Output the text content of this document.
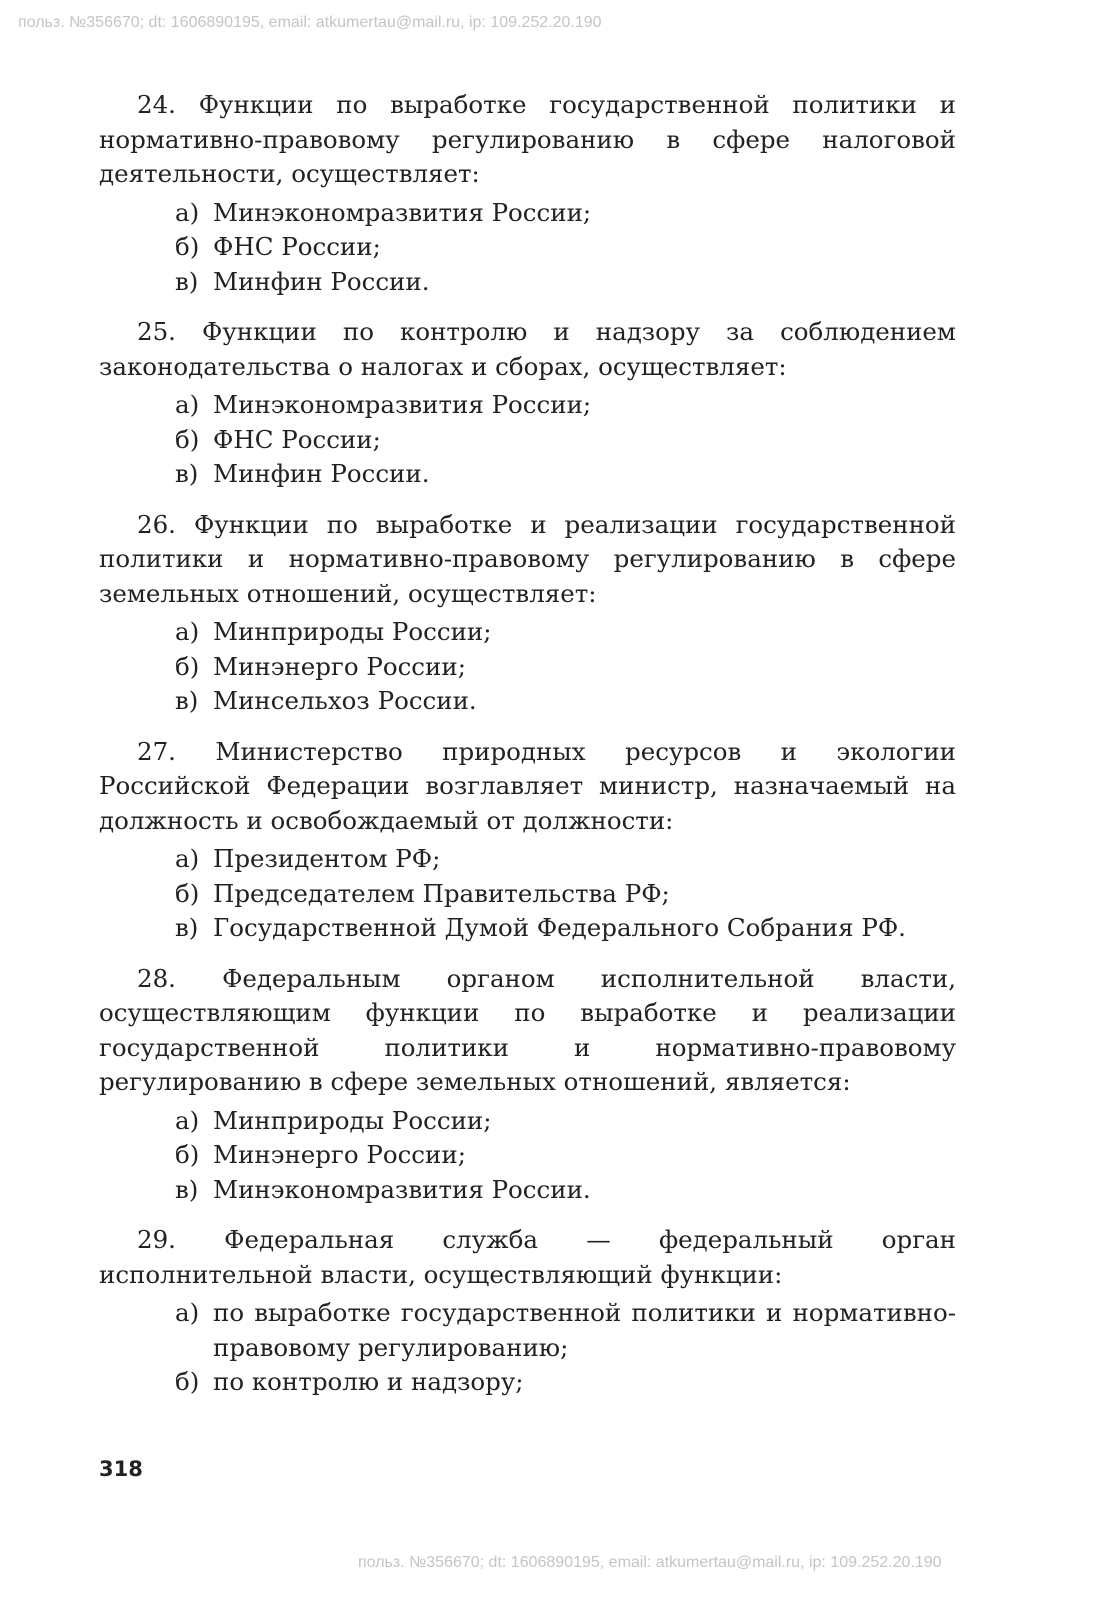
польз. №356670; dt: 1606890195, email: atkumertau@mail.ru, ip: 109.252.20.190

24. Функции по выработке государственной политики и нормативно-правовому регулированию в сфере налоговой деятельности, осуществляет:

а) Минэкономразвития России;
б) ФНС России;
в) Минфин России.

25. Функции по контролю и надзору за соблюдением законодательства о налогах и сборах, осуществляет:

а) Минэкономразвития России;
б) ФНС России;
в) Минфин России.

26. Функции по выработке и реализации государственной политики и нормативно-правовому регулированию в сфере земельных отношений, осуществляет:

а) Минприроды России;
б) Минэнерго России;
в) Минсельхоз России.

27. Министерство природных ресурсов и экологии Российской Федерации возглавляет министр, назначаемый на должность и освобождаемый от должности:

а) Президентом РФ;
б) Председателем Правительства РФ;
в) Государственной Думой Федерального Собрания РФ.

28. Федеральным органом исполнительной власти, осуществляющим функции по выработке и реализации государственной политики и нормативно-правовому регулированию в сфере земельных отношений, является:

а) Минприроды России;
б) Минэнерго России;
в) Минэкономразвития России.

29. Федеральная служба — федеральный орган исполнительной власти, осуществляющий функции:

а) по выработке государственной политики и нормативно-правовому регулированию;
б) по контролю и надзору;
318
польз. №356670; dt: 1606890195, email: atkumertau@mail.ru, ip: 109.252.20.190
